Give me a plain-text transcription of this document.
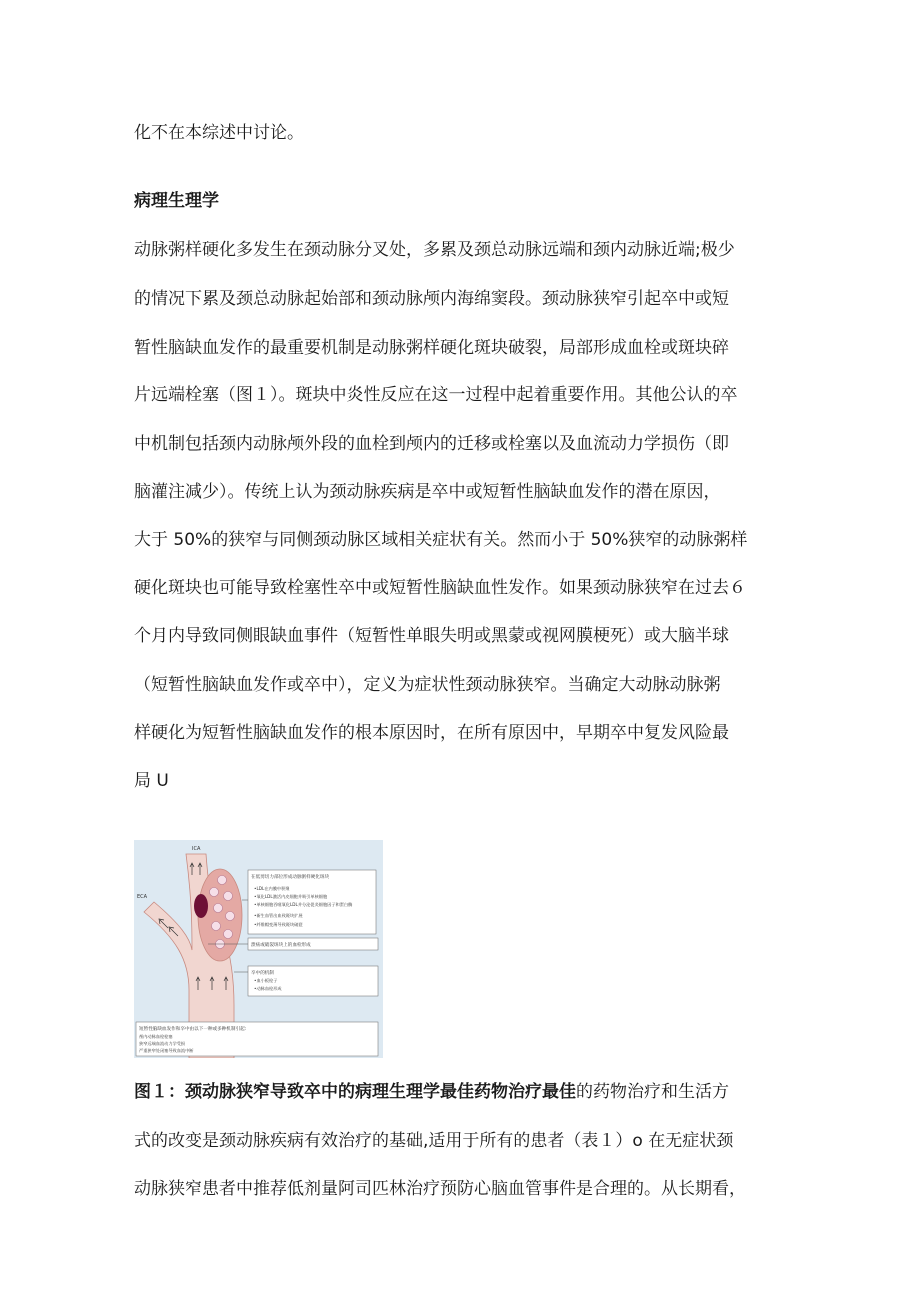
化不在本综述中讨论。
病理生理学
动脉粥样硬化多发生在颈动脉分叉处，多累及颈总动脉远端和颈内动脉近端;极少
的情况下累及颈总动脉起始部和颈动脉颅内海绵窦段。颈动脉狭窄引起卒中或短
暂性脑缺血发作的最重要机制是动脉粥样硬化斑块破裂，局部形成血栓或斑块碎
片远端栓塞（图１）。斑块中炎性反应在这一过程中起着重要作用。其他公认的卒
中机制包括颈内动脉颅外段的血栓到颅内的迁移或栓塞以及血流动力学损伤（即
脑灌注减少）。传统上认为颈动脉疾病是卒中或短暂性脑缺血发作的潜在原因，
大于 50%的狭窄与同侧颈动脉区域相关症状有关。然而小于 50%狭窄的动脉粥样
硬化斑块也可能导致栓塞性卒中或短暂性脑缺血性发作。如果颈动脉狭窄在过去６
个月内导致同侧眼缺血事件（短暂性单眼失明或黑蒙或视网膜梗死）或大脑半球
（短暂性脑缺血发作或卒中），定义为症状性颈动脉狭窄。当确定大动脉动脉粥
样硬化为短暂性脑缺血发作的根本原因时，在所有原因中，早期卒中复发风险最
局 U
ICA
ECA
在低剪切力部位形成动脉粥样硬化斑块
•LDL在内膜中积聚
•氧化LDL激活内皮细胞并吸引单核细胞
•单核细胞吞噬氧化LDL并分泌促炎细胞因子和蛋白酶
•新生血管出血致斑块扩展
•纤维帽变薄导致斑块破裂
溃疡或破裂斑块上的血栓形成
卒中的机制
•血小板栓子
•动脉血栓形成
短暂性脑缺血发作和卒中由以下一种或多种机制引起:
颅内动脉血栓栓塞
狭窄远端血流动力学受损
严重狭窄处闭塞导致血流中断
图１：颈动脉狭窄导致卒中的病理生理学最佳药物治疗最佳的药物治疗和生活方
式的改变是颈动脉疾病有效治疗的基础,适用于所有的患者（表１）o 在无症状颈
动脉狭窄患者中推荐低剂量阿司匹林治疗预防心脑血管事件是合理的。从长期看，
